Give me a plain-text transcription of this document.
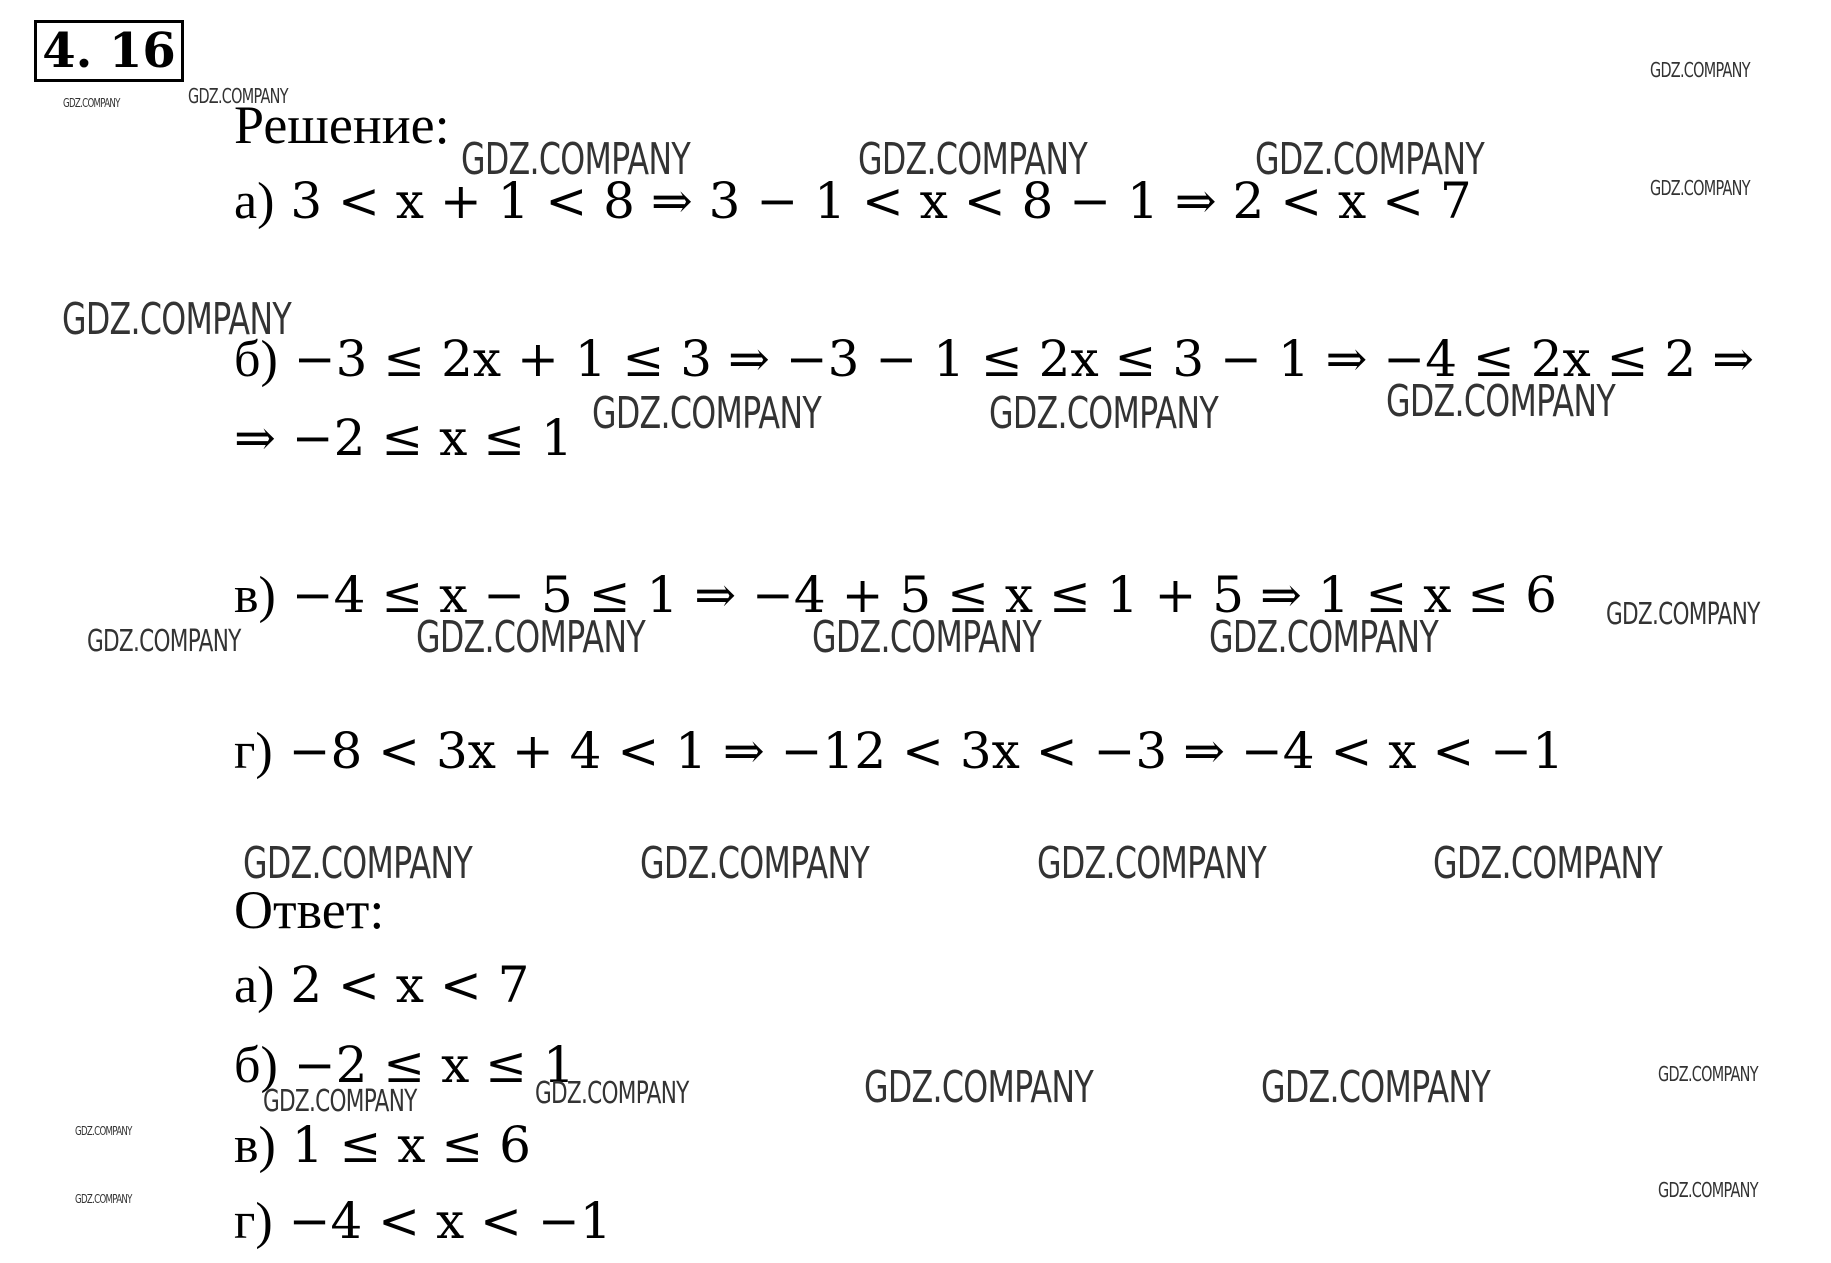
4. 16
Решение:
а) 3 < x + 1 < 8 ⇒ 3 − 1 < x < 8 − 1 ⇒ 2 < x < 7
б) −3 ≤ 2x + 1 ≤ 3 ⇒ −3 − 1 ≤ 2x ≤ 3 − 1 ⇒ −4 ≤ 2x ≤ 2 ⇒
⇒ −2 ≤ x ≤ 1
в) −4 ≤ x − 5 ≤ 1 ⇒ −4 + 5 ≤ x ≤ 1 + 5 ⇒ 1 ≤ x ≤ 6
г) −8 < 3x + 4 < 1 ⇒ −12 < 3x < −3 ⇒ −4 < x < −1
Ответ:
а) 2 < x < 7
б) −2 ≤ x ≤ 1
в) 1 ≤ x ≤ 6
г) −4 < x < −1
GDZ.COMPANY	GDZ.COMPANY
GDZ.COMPANY
GDZ.COMPANY
GDZ.COMPANY	GDZ.COMPANY	GDZ.COMPANY
GDZ.COMPANY
GDZ.COMPANY	GDZ.COMPANY	GDZ.COMPANY
GDZ.COMPANY	GDZ.COMPANY	GDZ.COMPANY	GDZ.COMPANY	GDZ.COMPANY
GDZ.COMPANY	GDZ.COMPANY	GDZ.COMPANY	GDZ.COMPANY
GDZ.COMPANY	GDZ.COMPANY	GDZ.COMPANY	GDZ.COMPANY	GDZ.COMPANY
GDZ.COMPANY
GDZ.COMPANY	GDZ.COMPANY
